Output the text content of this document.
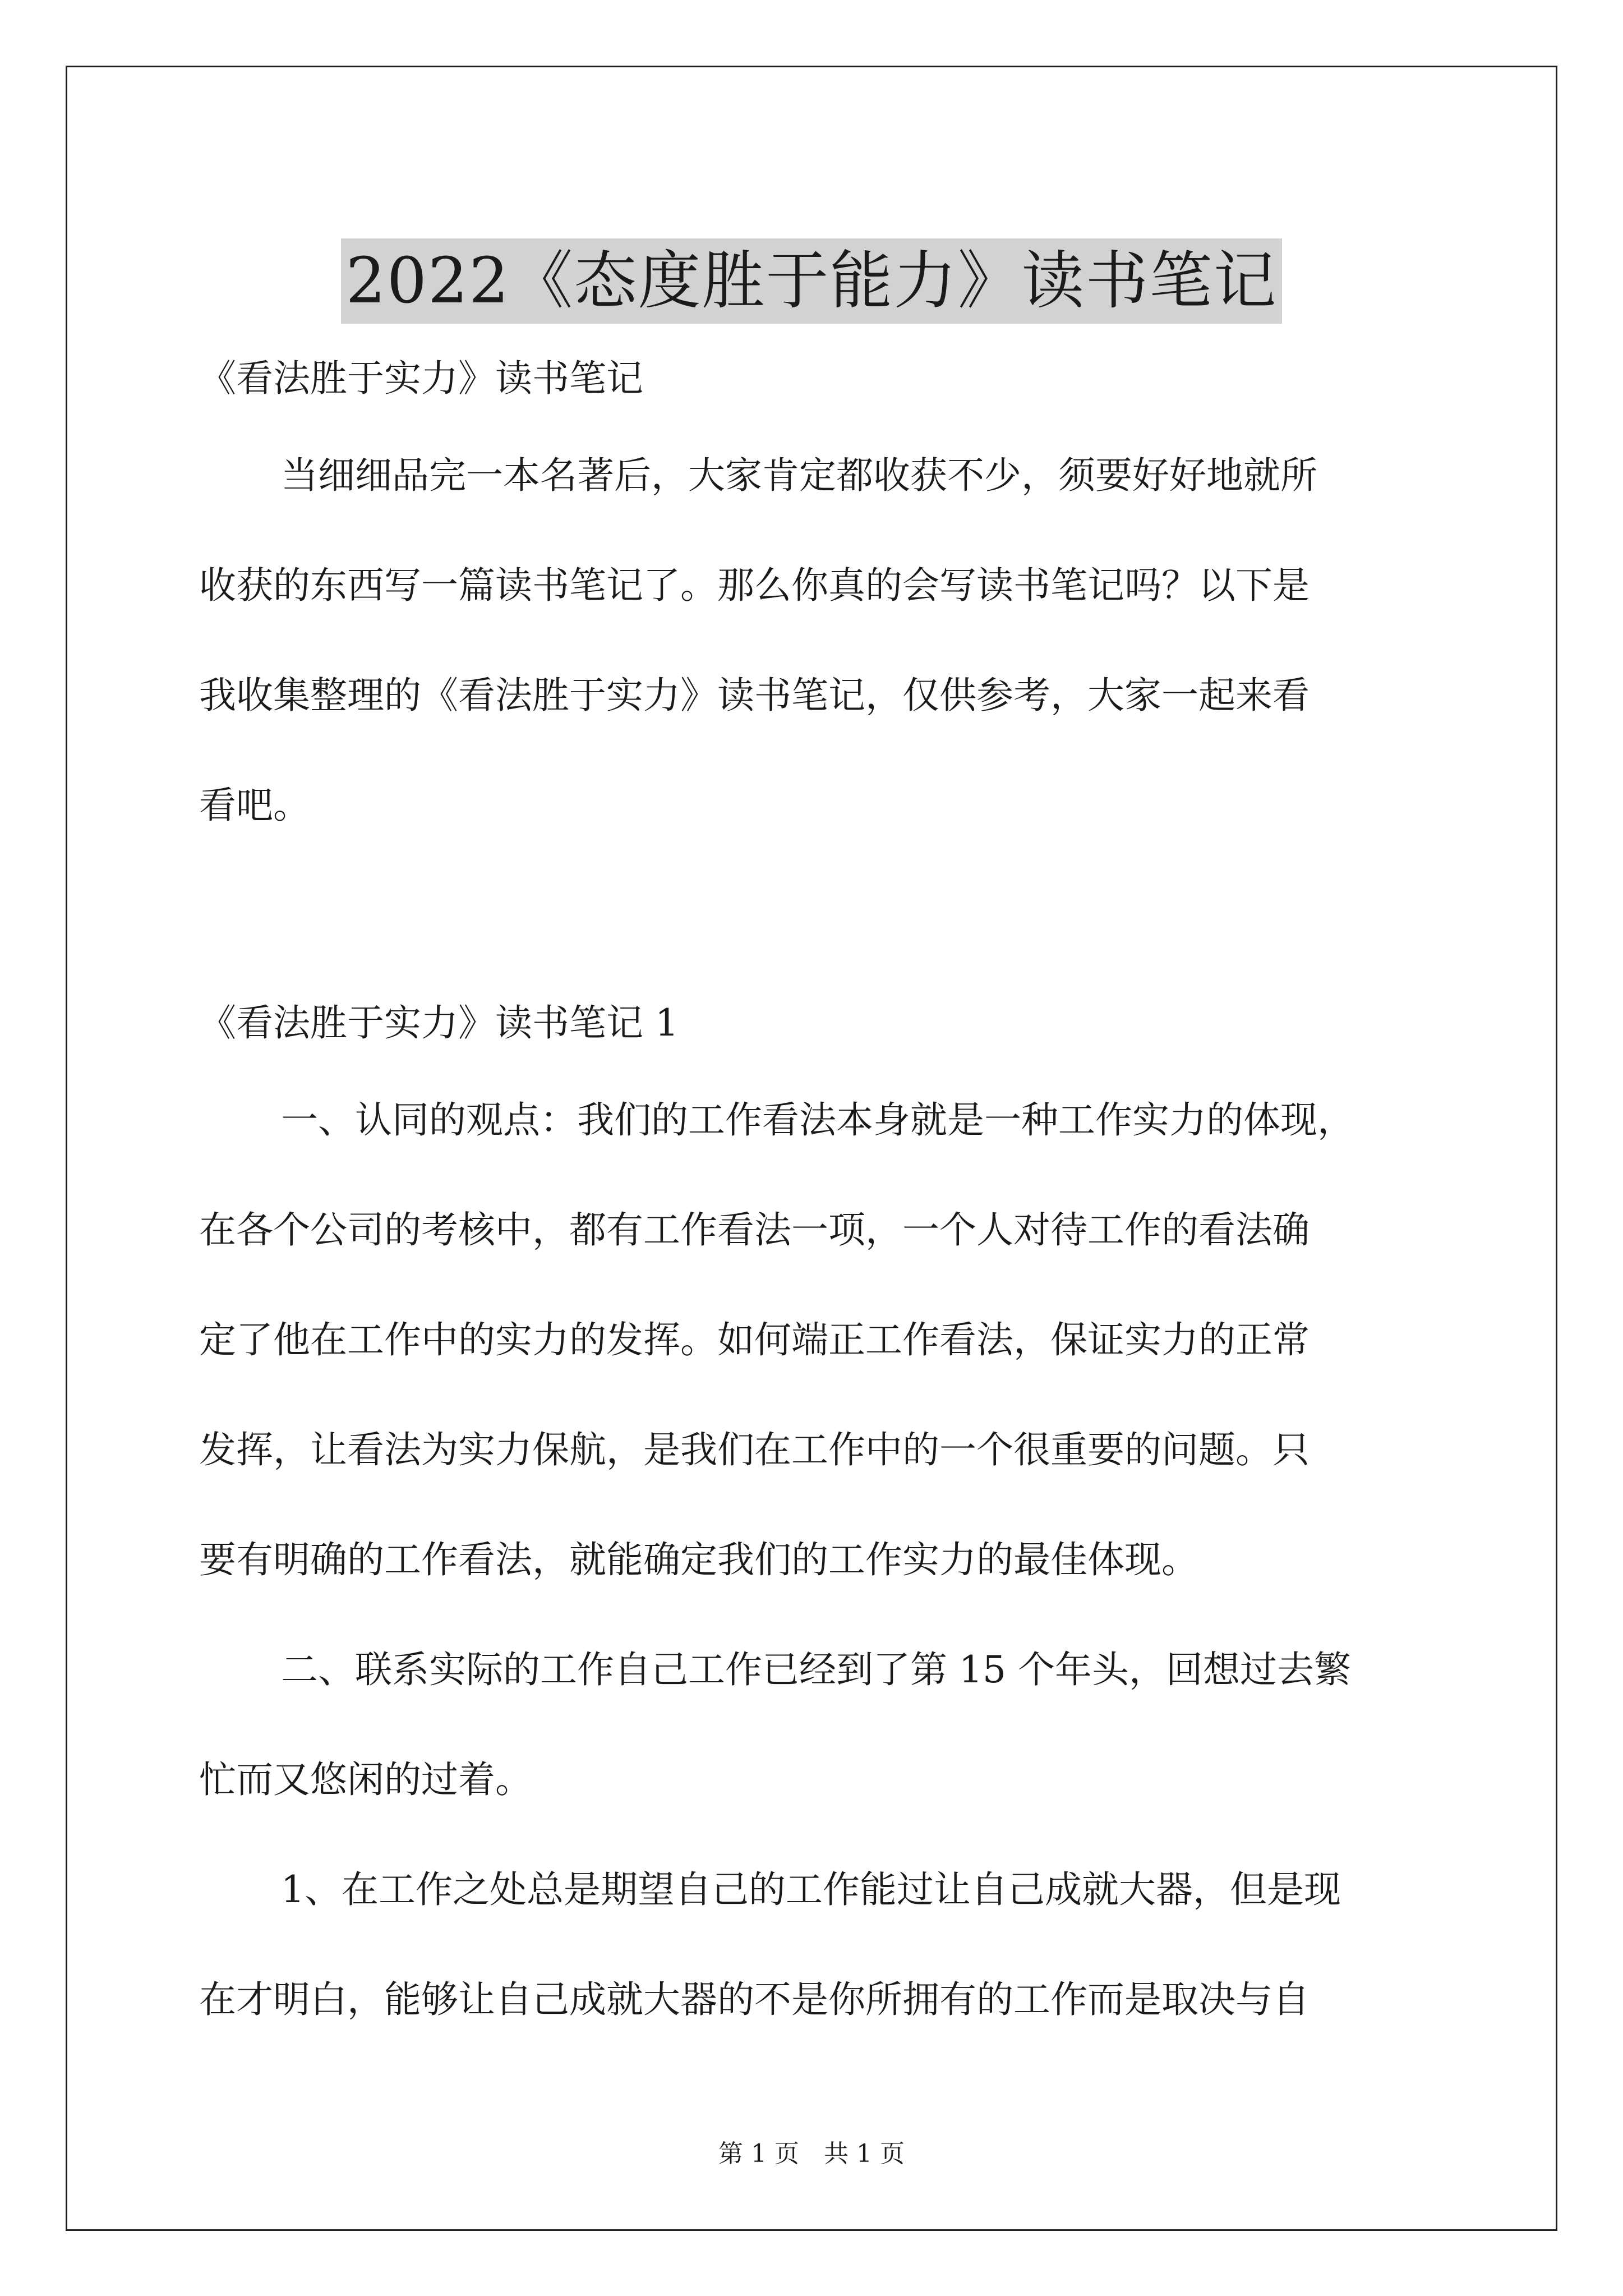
2022《态度胜于能力》读书笔记

《看法胜于实力》读书笔记

当细细品完一本名著后，大家肯定都收获不少，须要好好地就所

收获的东西写一篇读书笔记了。那么你真的会写读书笔记吗？以下是

我收集整理的《看法胜于实力》读书笔记，仅供参考，大家一起来看

看吧。

《看法胜于实力》读书笔记 1

一、认同的观点：我们的工作看法本身就是一种工作实力的体现，

在各个公司的考核中，都有工作看法一项，一个人对待工作的看法确

定了他在工作中的实力的发挥。如何端正工作看法，保证实力的正常

发挥，让看法为实力保航，是我们在工作中的一个很重要的问题。只

要有明确的工作看法，就能确定我们的工作实力的最佳体现。

二、联系实际的工作自己工作已经到了第 15 个年头，回想过去繁

忙而又悠闲的过着。

1、在工作之处总是期望自己的工作能过让自己成就大器，但是现

在才明白，能够让自己成就大器的不是你所拥有的工作而是取决与自

第 1 页　共 1 页
